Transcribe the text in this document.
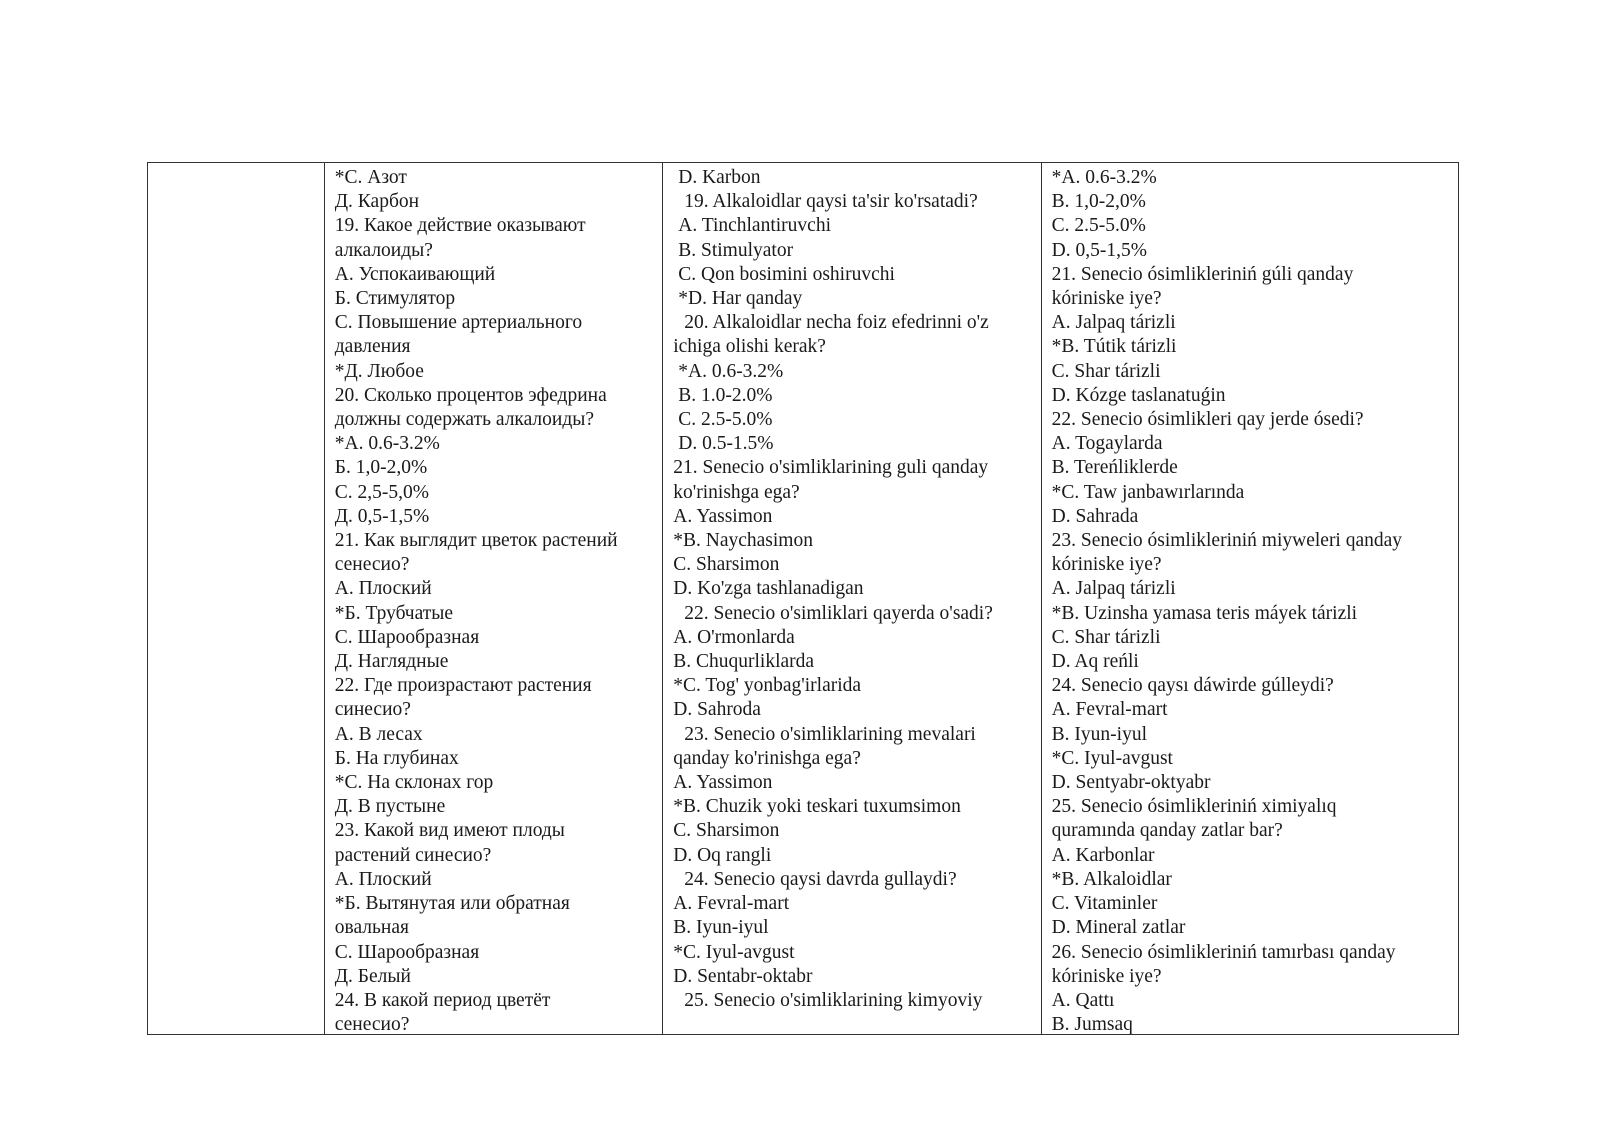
*С. Азот
Д. Карбон
19. Какое действие оказывают
алкалоиды?
А. Успокаивающий
Б. Стимулятор
С. Повышение артериального
давления
*Д. Любое
20. Сколько процентов эфедрина
должны содержать алкалоиды?
*А. 0.6-3.2%
Б. 1,0-2,0%
С. 2,5-5,0%
Д. 0,5-1,5%
21. Как выглядит цветок растений
сенесио?
А. Плоский
*Б. Трубчатые
С. Шарообразная
Д. Наглядные
22. Где произрастают растения
синесио?
А. В лесах
Б. На глубинах
*С. На склонах гор
Д. В пустыне
23. Какой вид имеют плоды
растений синесио?
А. Плоский
*Б. Вытянутая или обратная
овальная
С. Шарообразная
Д. Белый
24. В какой период цветёт
сенесио?
D. Karbon
19. Alkaloidlar qaysi ta'sir ko'rsatadi?
A. Tinchlantiruvchi
B. Stimulyator
C. Qon bosimini oshiruvchi
*D. Har qanday
20. Alkaloidlar necha foiz efedrinni o'z
ichiga olishi kerak?
*A. 0.6-3.2%
B. 1.0-2.0%
C. 2.5-5.0%
D. 0.5-1.5%
21. Senecio o'simliklarining guli qanday
ko'rinishga ega?
A. Yassimon
*B. Naychasimon
C. Sharsimon
D. Ko'zga tashlanadigan
22. Senecio o'simliklari qayerda o'sadi?
A. O'rmonlarda
B. Chuqurliklarda
*C. Tog' yonbag'irlarida
D. Sahroda
23. Senecio o'simliklarining mevalari
qanday ko'rinishga ega?
A. Yassimon
*B. Chuzik yoki teskari tuxumsimon
C. Sharsimon
D. Oq rangli
24. Senecio qaysi davrda gullaydi?
A. Fevral-mart
B. Iyun-iyul
*C. Iyul-avgust
D. Sentabr-oktabr
25. Senecio o'simliklarining kimyoviy
*A. 0.6-3.2%
B. 1,0-2,0%
C. 2.5-5.0%
D. 0,5-1,5%
21. Senecio ósimlikleriniń gúli qanday
kóriniske iye?
A. Jalpaq tárizli
*B. Tútik tárizli
C. Shar tárizli
D. Kózge taslanatuǵin
22. Senecio ósimlikleri qay jerde ósedi?
A. Togaylarda
B. Tereńliklerde
*C. Taw janbawırlarında
D. Sahrada
23. Senecio ósimlikleriniń miyweleri qanday
kóriniske iye?
A. Jalpaq tárizli
*B. Uzinsha yamasa teris máyek tárizli
C. Shar tárizli
D. Aq reńli
24. Senecio qaysı dáwirde gúlleydi?
A. Fevral-mart
B. Iyun-iyul
*C. Iyul-avgust
D. Sentyabr-oktyabr
25. Senecio ósimlikleriniń ximiyalıq
quramında qanday zatlar bar?
A. Karbonlar
*B. Alkaloidlar
C. Vitaminler
D. Mineral zatlar
26. Senecio ósimlikleriniń tamırbası qanday
kóriniske iye?
A. Qattı
B. Jumsaq
